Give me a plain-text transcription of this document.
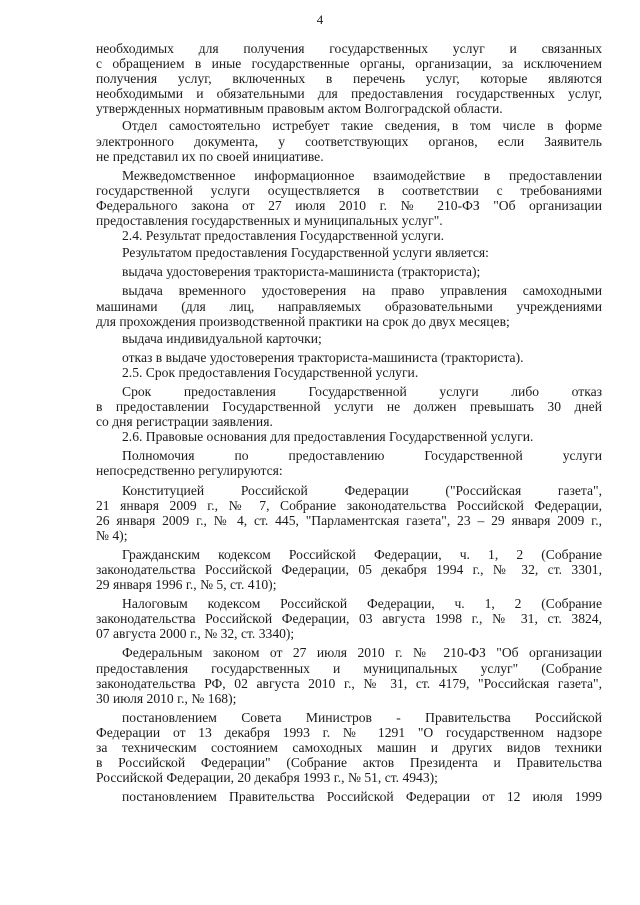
4
необходимых для получения государственных услуг и связанных
с обращением в иные государственные органы, организации, за исключением
получения услуг, включенных в перечень услуг, которые являются
необходимыми и обязательными для предоставления государственных услуг,
утвержденных нормативным правовым актом Волгоградской области.
Отдел самостоятельно истребует такие сведения, в том числе в форме
электронного документа, у соответствующих органов, если Заявитель
не представил их по своей инициативе.
Межведомственное информационное взаимодействие в предоставлении
государственной услуги осуществляется в соответствии с требованиями
Федерального закона от 27 июля 2010 г. № 210-ФЗ "Об организации
предоставления государственных и муниципальных услуг".
2.4. Результат предоставления Государственной услуги.
Результатом предоставления Государственной услуги является:
выдача удостоверения тракториста-машиниста (тракториста);
выдача временного удостоверения на право управления самоходными
машинами (для лиц, направляемых образовательными учреждениями
для прохождения производственной практики на срок до двух месяцев;
выдача индивидуальной карточки;
отказ в выдаче удостоверения тракториста-машиниста (тракториста).
2.5. Срок предоставления Государственной услуги.
Срок предоставления Государственной услуги либо отказ
в предоставлении Государственной услуги не должен превышать 30 дней
со дня регистрации заявления.
2.6. Правовые основания для предоставления Государственной услуги.
Полномочия по предоставлению Государственной услуги
непосредственно регулируются:
Конституцией Российской Федерации ("Российская газета",
21 января 2009 г., № 7, Собрание законодательства Российской Федерации,
26 января 2009 г., № 4, ст. 445, "Парламентская газета", 23 – 29 января 2009 г.,
№ 4);
Гражданским кодексом Российской Федерации, ч. 1, 2 (Собрание
законодательства Российской Федерации, 05 декабря 1994 г., № 32, ст. 3301,
29 января 1996 г., № 5, ст. 410);
Налоговым кодексом Российской Федерации, ч. 1, 2 (Собрание
законодательства Российской Федерации, 03 августа 1998 г., № 31, ст. 3824,
07 августа 2000 г., № 32, ст. 3340);
Федеральным законом от 27 июля 2010 г. № 210-ФЗ "Об организации
предоставления государственных и муниципальных услуг" (Собрание
законодательства РФ, 02 августа 2010 г., № 31, ст. 4179, "Российская газета",
30 июля 2010 г., № 168);
постановлением Совета Министров - Правительства Российской
Федерации от 13 декабря 1993 г. № 1291 "О государственном надзоре
за техническим состоянием самоходных машин и других видов техники
в Российской Федерации" (Собрание актов Президента и Правительства
Российской Федерации, 20 декабря 1993 г., № 51, ст. 4943);
постановлением Правительства Российской Федерации от 12 июля 1999
